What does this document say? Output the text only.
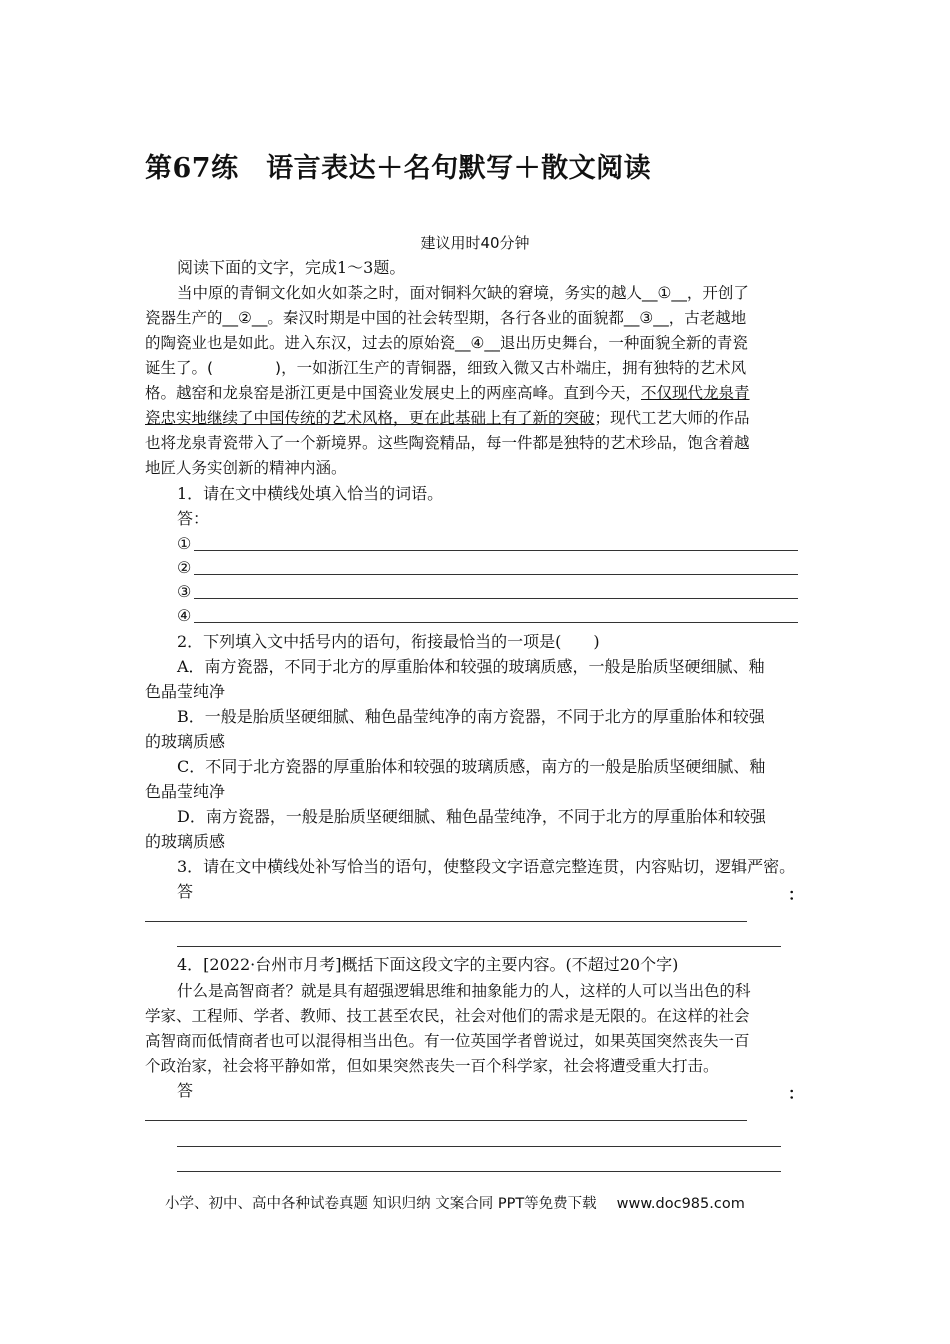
第67练　语言表达＋名句默写＋散文阅读
建议用时40分钟
阅读下面的文字，完成1～3题。
当中原的青铜文化如火如荼之时，面对铜料欠缺的窘境，务实的越人__①__，开创了
瓷器生产的__②__。秦汉时期是中国的社会转型期，各行各业的面貌都__③__，古老越地
的陶瓷业也是如此。进入东汉，过去的原始瓷__④__退出历史舞台，一种面貌全新的青瓷
诞生了。(　　　　)，一如浙江生产的青铜器，细致入微又古朴端庄，拥有独特的艺术风
格。越窑和龙泉窑是浙江更是中国瓷业发展史上的两座高峰。直到今天，不仅现代龙泉青
瓷忠实地继续了中国传统的艺术风格，更在此基础上有了新的突破；现代工艺大师的作品
也将龙泉青瓷带入了一个新境界。这些陶瓷精品，每一件都是独特的艺术珍品，饱含着越
地匠人务实创新的精神内涵。
1．请在文中横线处填入恰当的词语。
答：
①
②
③
④
2．下列填入文中括号内的语句，衔接最恰当的一项是(　　)
A．南方瓷器，不同于北方的厚重胎体和较强的玻璃质感，一般是胎质坚硬细腻、釉
色晶莹纯净
B．一般是胎质坚硬细腻、釉色晶莹纯净的南方瓷器，不同于北方的厚重胎体和较强
的玻璃质感
C．不同于北方瓷器的厚重胎体和较强的玻璃质感，南方的一般是胎质坚硬细腻、釉
色晶莹纯净
D．南方瓷器，一般是胎质坚硬细腻、釉色晶莹纯净，不同于北方的厚重胎体和较强
的玻璃质感
3．请在文中横线处补写恰当的语句，使整段文字语意完整连贯，内容贴切，逻辑严密。
答	：
4．[2022·台州市月考]概括下面这段文字的主要内容。(不超过20个字)
什么是高智商者？就是具有超强逻辑思维和抽象能力的人，这样的人可以当出色的科
学家、工程师、学者、教师、技工甚至农民，社会对他们的需求是无限的。在这样的社会
高智商而低情商者也可以混得相当出色。有一位英国学者曾说过，如果英国突然丧失一百
个政治家，社会将平静如常，但如果突然丧失一百个科学家，社会将遭受重大打击。
答	：
小学、初中、高中各种试卷真题 知识归纳 文案合同 PPT等免费下载 www.doc985.com
